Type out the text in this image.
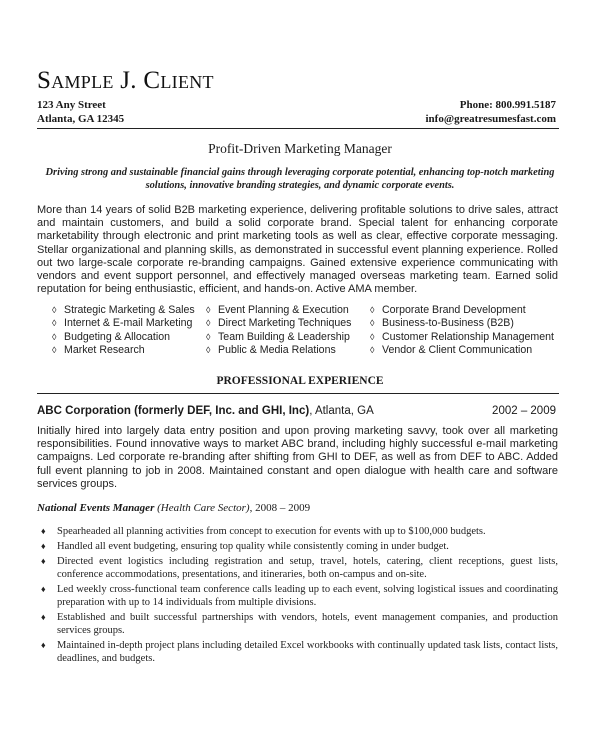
Sample J. Client
123 Any Street
Atlanta, GA 12345
Phone: 800.991.5187
info@greatresumesfast.com
Profit-Driven Marketing Manager
Driving strong and sustainable financial gains through leveraging corporate potential, enhancing top-notch marketing solutions, innovative branding strategies, and dynamic corporate events.
More than 14 years of solid B2B marketing experience, delivering profitable solutions to drive sales, attract and maintain customers, and build a solid corporate brand. Special talent for enhancing corporate marketability through electronic and print marketing tools as well as clear, effective corporate messaging. Stellar organizational and planning skills, as demonstrated in successful event planning experience. Rolled out two large-scale corporate re-branding campaigns. Gained extensive experience communicating with vendors and event support personnel, and effectively managed overseas marketing team. Earned solid reputation for being enthusiastic, efficient, and hands-on. Active AMA member.
◊ Strategic Marketing & Sales
◊ Internet & E-mail Marketing
◊ Budgeting & Allocation
◊ Market Research
◊ Event Planning & Execution
◊ Direct Marketing Techniques
◊ Team Building & Leadership
◊ Public & Media Relations
◊ Corporate Brand Development
◊ Business-to-Business (B2B)
◊ Customer Relationship Management
◊ Vendor & Client Communication
PROFESSIONAL EXPERIENCE
ABC Corporation (formerly DEF, Inc. and GHI, Inc), Atlanta, GA	2002 – 2009
Initially hired into largely data entry position and upon proving marketing savvy, took over all marketing responsibilities. Found innovative ways to market ABC brand, including highly successful e-mail marketing campaigns. Led corporate re-branding after shifting from GHI to DEF, as well as from DEF to ABC. Added full event planning to job in 2008. Maintained constant and open dialogue with health care and software services groups.
National Events Manager (Health Care Sector), 2008 – 2009
♦ Spearheaded all planning activities from concept to execution for events with up to $100,000 budgets.
♦ Handled all event budgeting, ensuring top quality while consistently coming in under budget.
♦ Directed event logistics including registration and setup, travel, hotels, catering, client receptions, guest lists, conference accommodations, presentations, and itineraries, both on-campus and on-site.
♦ Led weekly cross-functional team conference calls leading up to each event, solving logistical issues and coordinating preparation with up to 14 individuals from multiple divisions.
♦ Established and built successful partnerships with vendors, hotels, event management companies, and production services groups.
♦ Maintained in-depth project plans including detailed Excel workbooks with continually updated task lists, contact lists, deadlines, and budgets.
